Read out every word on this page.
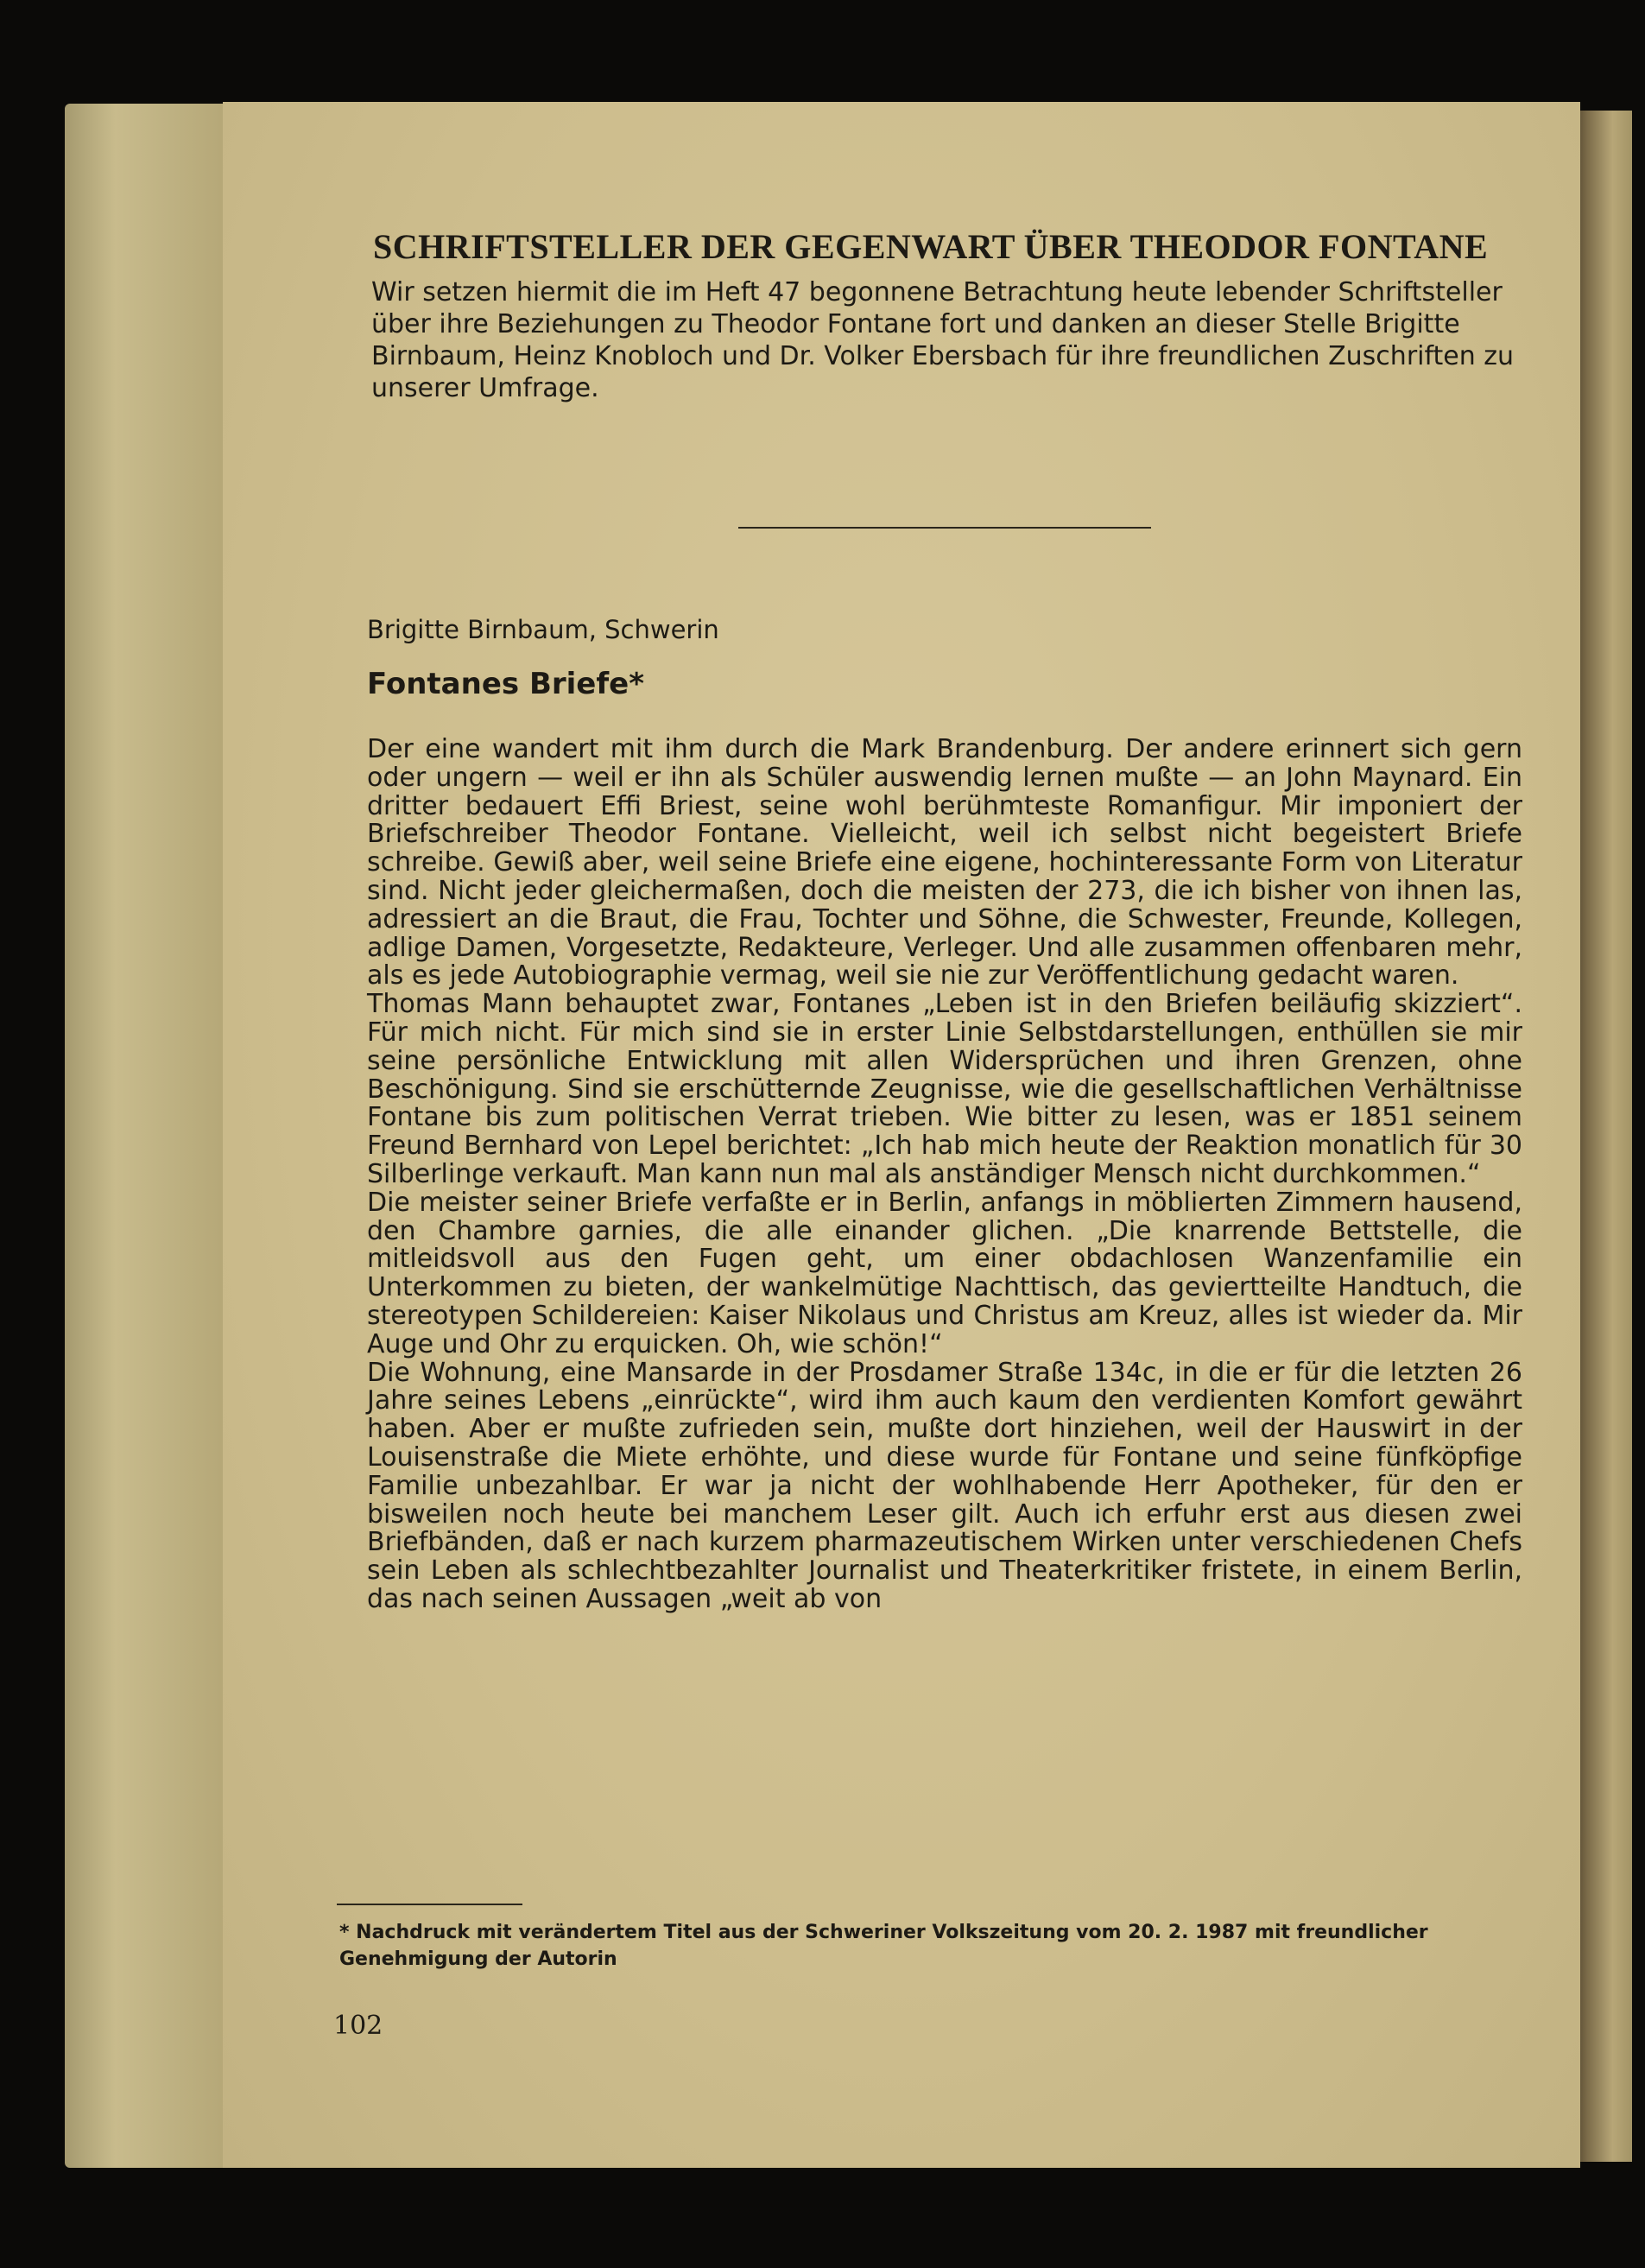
SCHRIFTSTELLER DER GEGENWART ÜBER THEODOR FONTANE
Wir setzen hiermit die im Heft 47 begonnene Betrachtung heute lebender Schriftsteller über ihre Beziehungen zu Theodor Fontane fort und danken an dieser Stelle Brigitte Birnbaum, Heinz Knobloch und Dr. Volker Ebersbach für ihre freundlichen Zuschriften zu unserer Umfrage.
Brigitte Birnbaum, Schwerin
Fontanes Briefe*

Der eine wandert mit ihm durch die Mark Brandenburg. Der andere erinnert sich gern oder ungern — weil er ihn als Schüler auswendig lernen mußte — an John Maynard. Ein dritter bedauert Effi Briest, seine wohl berühmteste Romanfigur. Mir imponiert der Briefschreiber Theodor Fontane. Vielleicht, weil ich selbst nicht begeistert Briefe schreibe. Gewiß aber, weil seine Briefe eine eigene, hochinteressante Form von Literatur sind. Nicht jeder gleichermaßen, doch die meisten der 273, die ich bisher von ihnen las, adressiert an die Braut, die Frau, Tochter und Söhne, die Schwester, Freunde, Kollegen, adlige Damen, Vorgesetzte, Redakteure, Verleger. Und alle zusammen offenbaren mehr, als es jede Autobiographie vermag, weil sie nie zur Veröffentlichung gedacht waren.

Thomas Mann behauptet zwar, Fontanes „Leben ist in den Briefen beiläufig skizziert“. Für mich nicht. Für mich sind sie in erster Linie Selbstdarstellungen, enthüllen sie mir seine persönliche Entwicklung mit allen Widersprüchen und ihren Grenzen, ohne Beschönigung. Sind sie erschütternde Zeugnisse, wie die gesellschaftlichen Verhältnisse Fontane bis zum politischen Verrat trieben. Wie bitter zu lesen, was er 1851 seinem Freund Bernhard von Lepel berichtet: „Ich hab mich heute der Reaktion monatlich für 30 Silberlinge verkauft. Man kann nun mal als anständiger Mensch nicht durchkommen.“

Die meister seiner Briefe verfaßte er in Berlin, anfangs in möblierten Zimmern hausend, den Chambre garnies, die alle einander glichen. „Die knarrende Bettstelle, die mitleidsvoll aus den Fugen geht, um einer obdachlosen Wanzenfamilie ein Unterkommen zu bieten, der wankelmütige Nachttisch, das geviertteilte Handtuch, die stereotypen Schildereien: Kaiser Nikolaus und Christus am Kreuz, alles ist wieder da. Mir Auge und Ohr zu erquicken. Oh, wie schön!“

Die Wohnung, eine Mansarde in der Prosdamer Straße 134c, in die er für die letzten 26 Jahre seines Lebens „einrückte“, wird ihm auch kaum den verdienten Komfort gewährt haben. Aber er mußte zufrieden sein, mußte dort hinziehen, weil der Hauswirt in der Louisenstraße die Miete erhöhte, und diese wurde für Fontane und seine fünfköpfige Familie unbezahlbar. Er war ja nicht der wohlhabende Herr Apotheker, für den er bisweilen noch heute bei manchem Leser gilt. Auch ich erfuhr erst aus diesen zwei Briefbänden, daß er nach kurzem pharmazeutischem Wirken unter verschiedenen Chefs sein Leben als schlechtbezahlter Journalist und Theaterkritiker fristete, in einem Berlin, das nach seinen Aussagen „weit ab von

* Nachdruck mit verändertem Titel aus der Schweriner Volkszeitung vom 20. 2. 1987 mit freundlicher Genehmigung der Autorin
102
